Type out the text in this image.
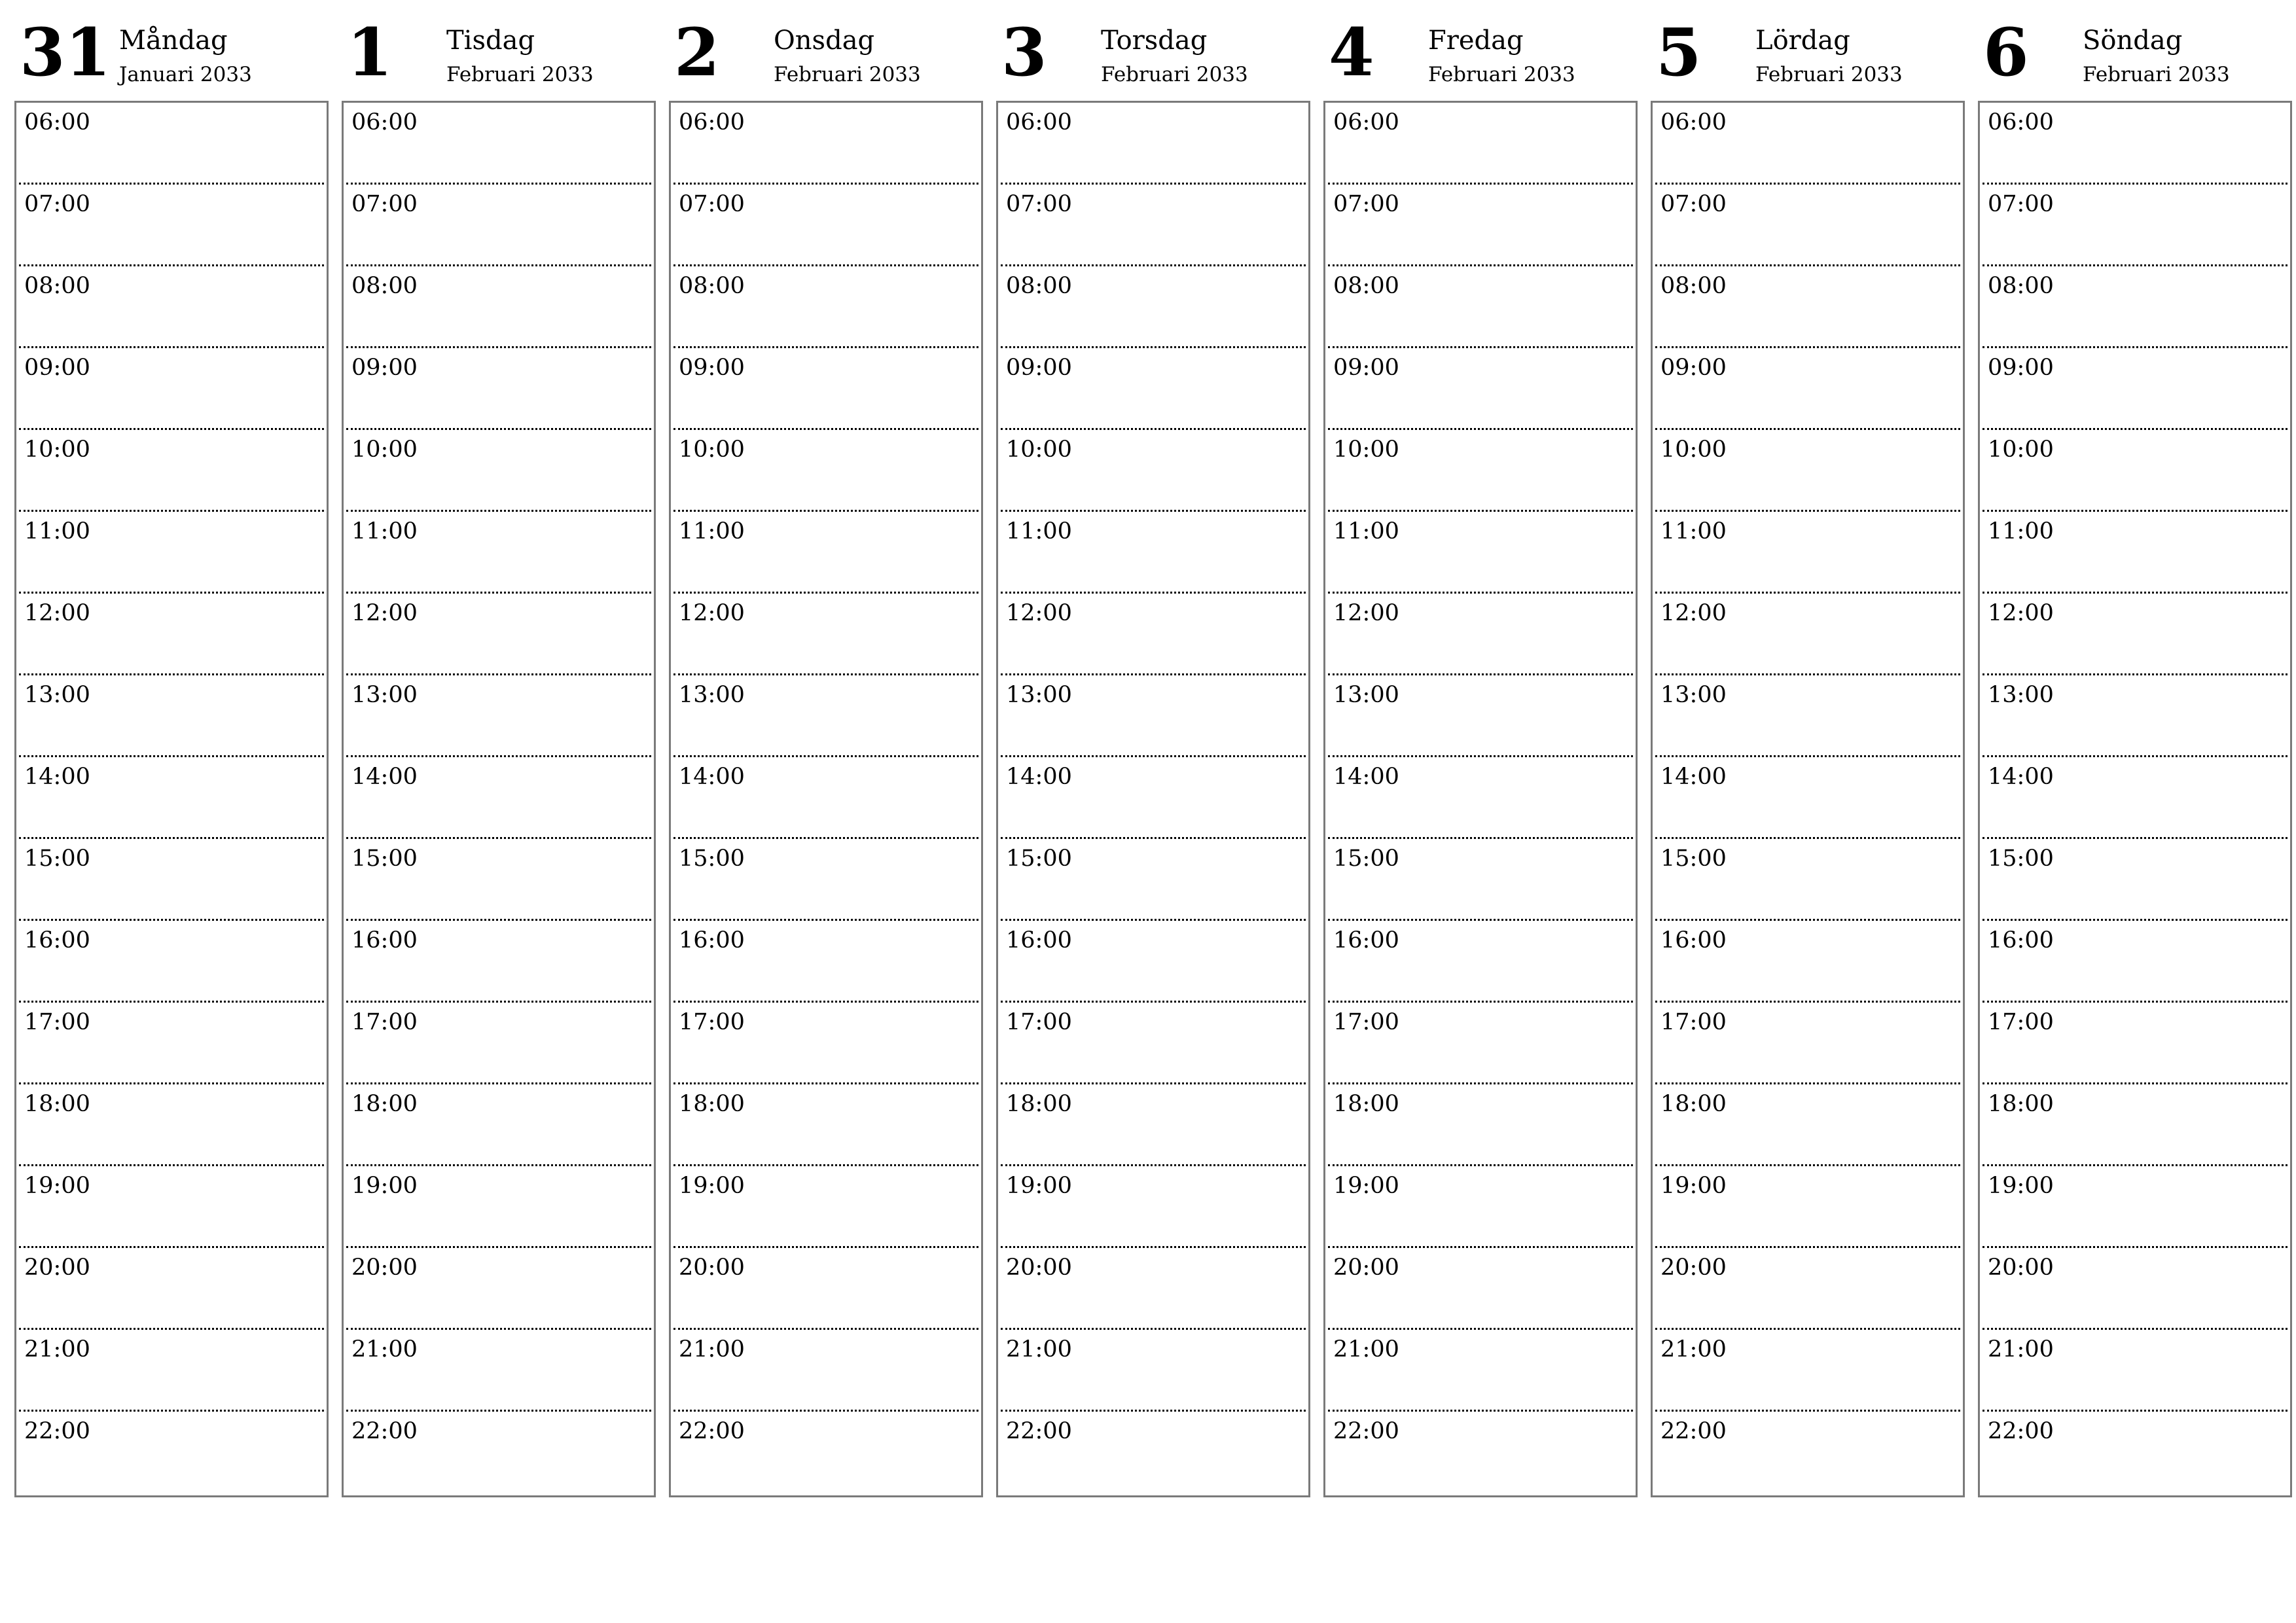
31 Måndag
Januari 2033
06:00
07:00
08:00
09:00
10:00
11:00
12:00
13:00
14:00
15:00
16:00
17:00
18:00
19:00
20:00
21:00
22:00
1 Tisdag
Februari 2033
06:00
07:00
08:00
09:00
10:00
11:00
12:00
13:00
14:00
15:00
16:00
17:00
18:00
19:00
20:00
21:00
22:00
2 Onsdag
Februari 2033
06:00
07:00
08:00
09:00
10:00
11:00
12:00
13:00
14:00
15:00
16:00
17:00
18:00
19:00
20:00
21:00
22:00
3 Torsdag
Februari 2033
06:00
07:00
08:00
09:00
10:00
11:00
12:00
13:00
14:00
15:00
16:00
17:00
18:00
19:00
20:00
21:00
22:00
4 Fredag
Februari 2033
06:00
07:00
08:00
09:00
10:00
11:00
12:00
13:00
14:00
15:00
16:00
17:00
18:00
19:00
20:00
21:00
22:00
5 Lördag
Februari 2033
06:00
07:00
08:00
09:00
10:00
11:00
12:00
13:00
14:00
15:00
16:00
17:00
18:00
19:00
20:00
21:00
22:00
6 Söndag
Februari 2033
06:00
07:00
08:00
09:00
10:00
11:00
12:00
13:00
14:00
15:00
16:00
17:00
18:00
19:00
20:00
21:00
22:00
